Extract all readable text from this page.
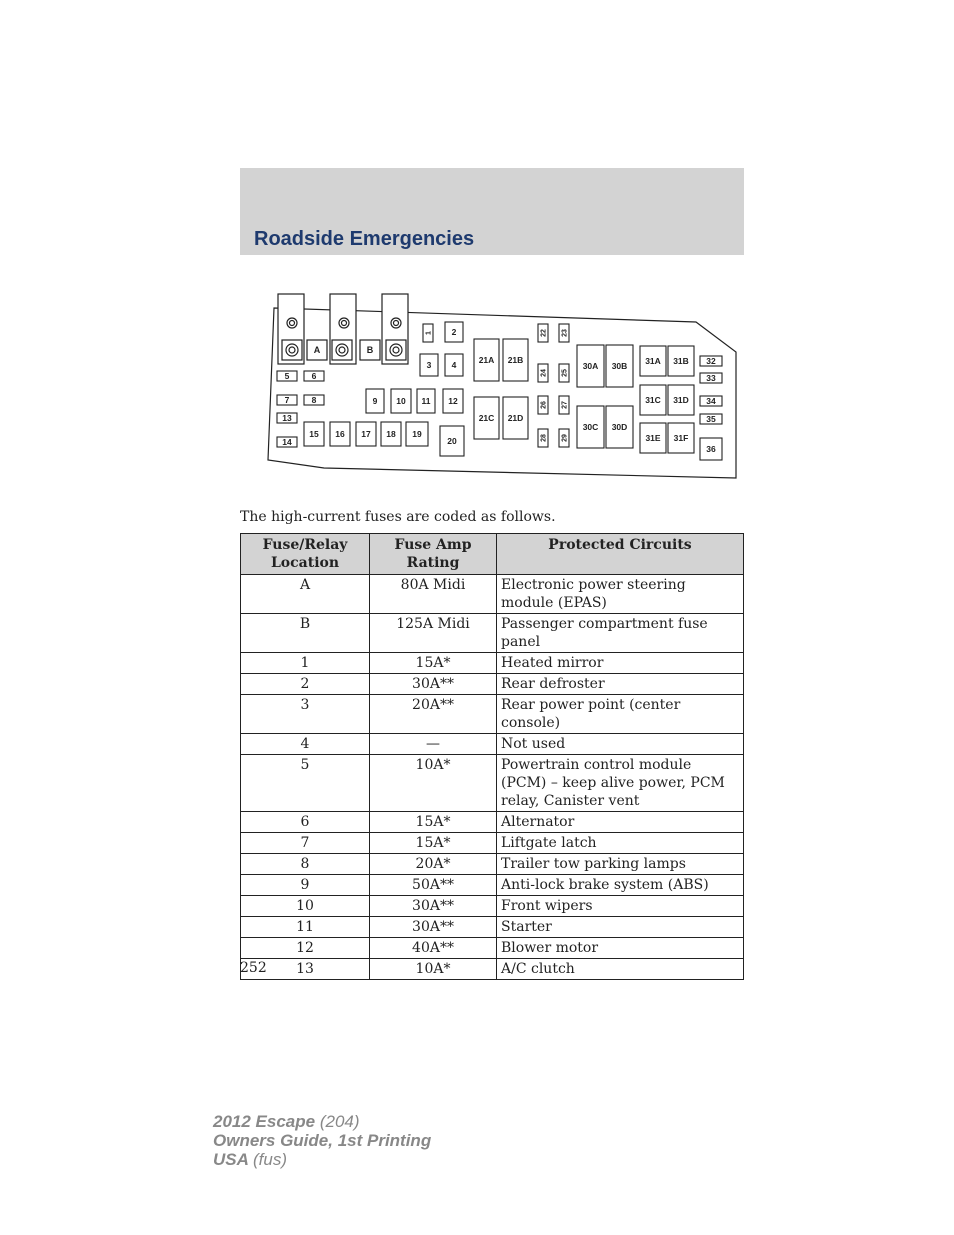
Roadside Emergencies
A	B
1 2
3 4
5	6
7	8	9 10 11 12
13
14
15 16 17 18 19
20
21A 21B
21C 21D
22 23
24 25
26 27
28 29
30A 30B
30C 30D
31A 31B
31C 31D
31E 31F
32
33
34
35
36
The high-current fuses are coded as follows.
Fuse/Relay Location	Fuse Amp Rating	Protected Circuits
A	80A Midi	Electronic power steering module (EPAS)
B	125A Midi	Passenger compartment fuse panel
1	15A*	Heated mirror
2	30A**	Rear defroster
3	20A**	Rear power point (center console)
4	—	Not used
5	10A*	Powertrain control module (PCM) – keep alive power, PCM relay, Canister vent
6	15A*	Alternator
7	15A*	Liftgate latch
8	20A*	Trailer tow parking lamps
9	50A**	Anti-lock brake system (ABS)
10	30A**	Front wipers
11	30A**	Starter
12	40A**	Blower motor
13	10A*	A/C clutch
252
2012 Escape (204)
Owners Guide, 1st Printing
USA (fus)
